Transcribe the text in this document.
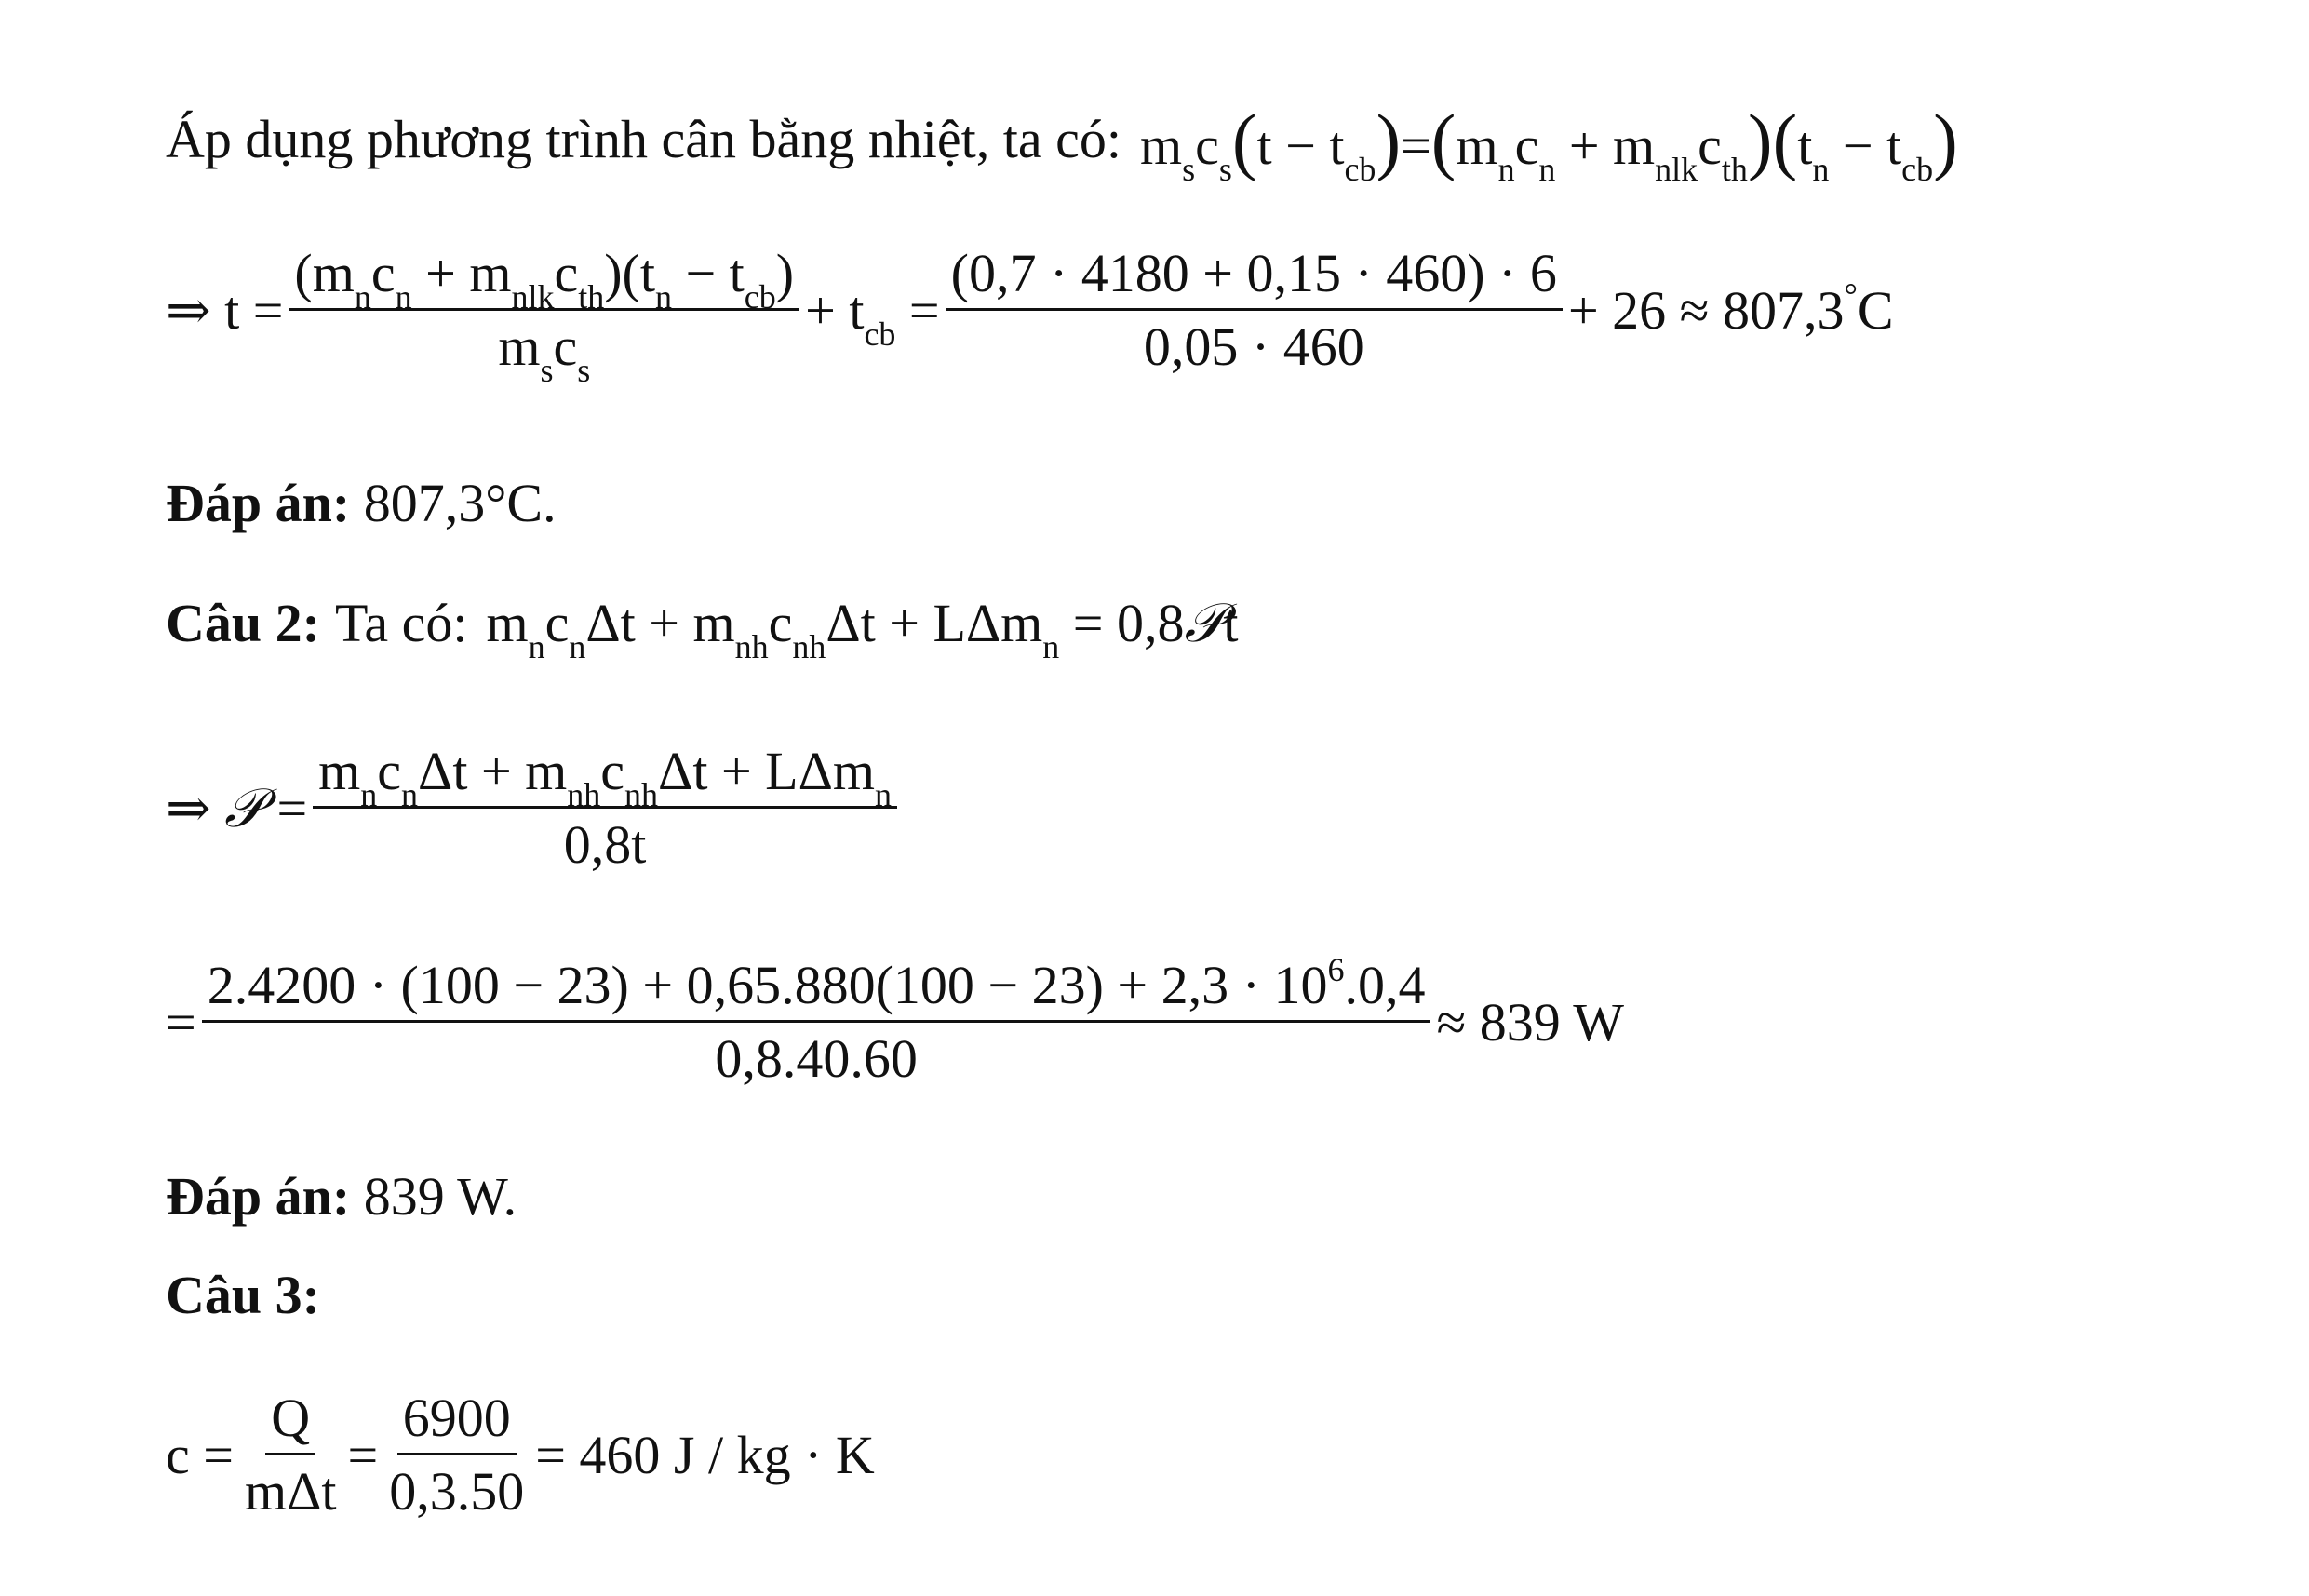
Áp dụng phương trình cân bằng nhiệt, ta có: $m_sc_s(t - t_{cb})=(m_nc_n + m_{nlk}c_{th})(t_n - t_{cb})$
⇒ $t = \frac{(m_nc_n + m_{nlk}c_{th})(t_n - t_{cb})}{m_sc_s} + t_{cb} = \frac{(0,7 \cdot 4180 + 0,15 \cdot 460) \cdot 6}{0,05 \cdot 460} + 26 \approx 807,3^\circ C$
Đáp án: 807,3°C.
Câu 2: Ta có: $m_nc_n\Delta t + m_{nh}c_{nh}\Delta t + L\Delta m_n$ = 0,8𝒫t
⇒ 𝒫 = $\frac{m_nc_n\Delta t + m_{nh}c_{nh}\Delta t + L\Delta m_n}{0,8t}$
= $\frac{2.4200 \cdot (100 - 23) + 0,65.880(100 - 23) + 2,3 \cdot 10^6.0,4}{0,8.40.60} \approx 839$ W
Đáp án: 839 W.
Câu 3:
$c = \frac{Q}{\text{mΔt}} = \frac{6900}{0,3.50} = 460$ J / kg · K
